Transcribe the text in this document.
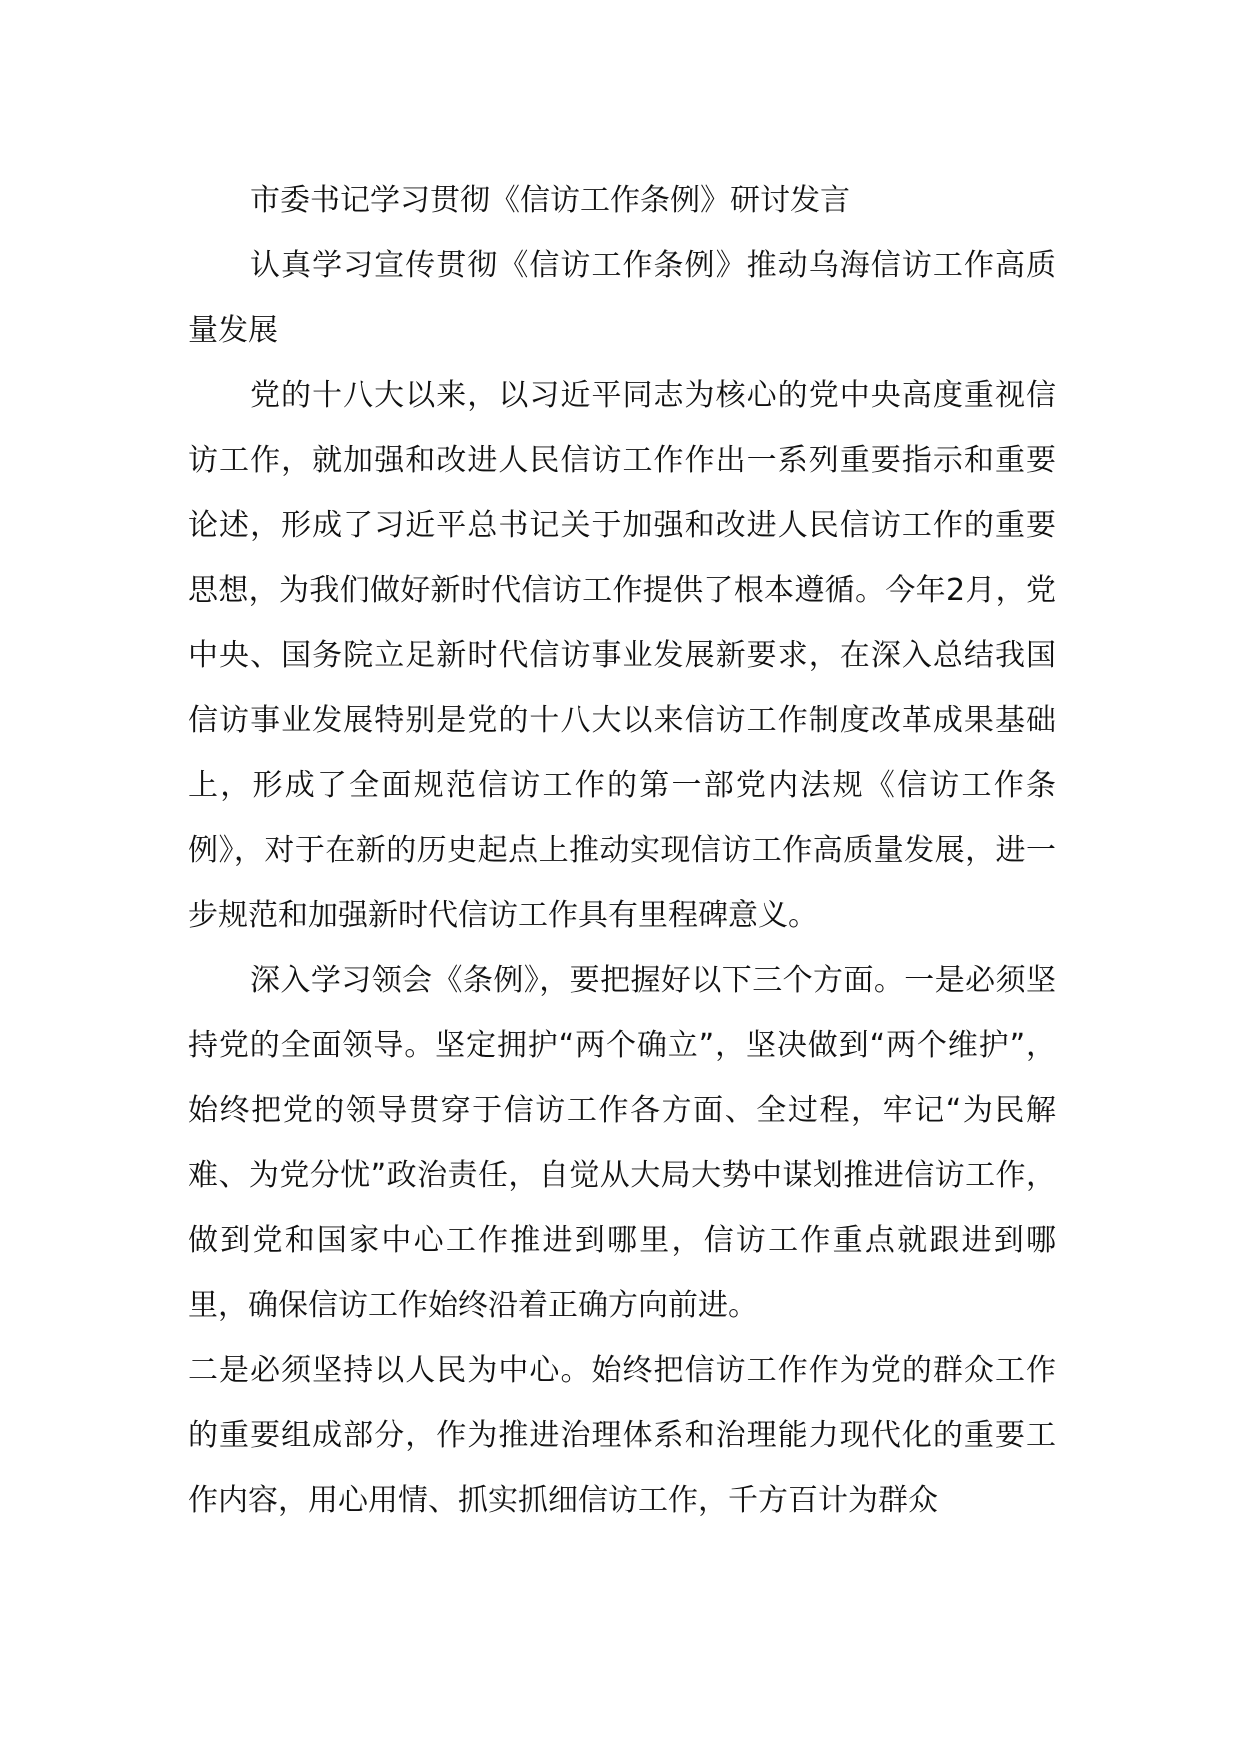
市委书记学习贯彻《信访工作条例》研讨发言

认真学习宣传贯彻《信访工作条例》推动乌海信访工作高质量发展

党的十八大以来，以习近平同志为核心的党中央高度重视信访工作，就加强和改进人民信访工作作出一系列重要指示和重要论述，形成了习近平总书记关于加强和改进人民信访工作的重要思想，为我们做好新时代信访工作提供了根本遵循。今年2月，党中央、国务院立足新时代信访事业发展新要求，在深入总结我国信访事业发展特别是党的十八大以来信访工作制度改革成果基础上，形成了全面规范信访工作的第一部党内法规《信访工作条例》，对于在新的历史起点上推动实现信访工作高质量发展，进一步规范和加强新时代信访工作具有里程碑意义。

深入学习领会《条例》，要把握好以下三个方面。一是必须坚持党的全面领导。坚定拥护“两个确立”，坚决做到“两个维护”，始终把党的领导贯穿于信访工作各方面、全过程，牢记“为民解难、为党分忧”政治责任，自觉从大局大势中谋划推进信访工作，做到党和国家中心工作推进到哪里，信访工作重点就跟进到哪里，确保信访工作始终沿着正确方向前进。

二是必须坚持以人民为中心。始终把信访工作作为党的群众工作的重要组成部分，作为推进治理体系和治理能力现代化的重要工作内容，用心用情、抓实抓细信访工作，千方百计为群众
